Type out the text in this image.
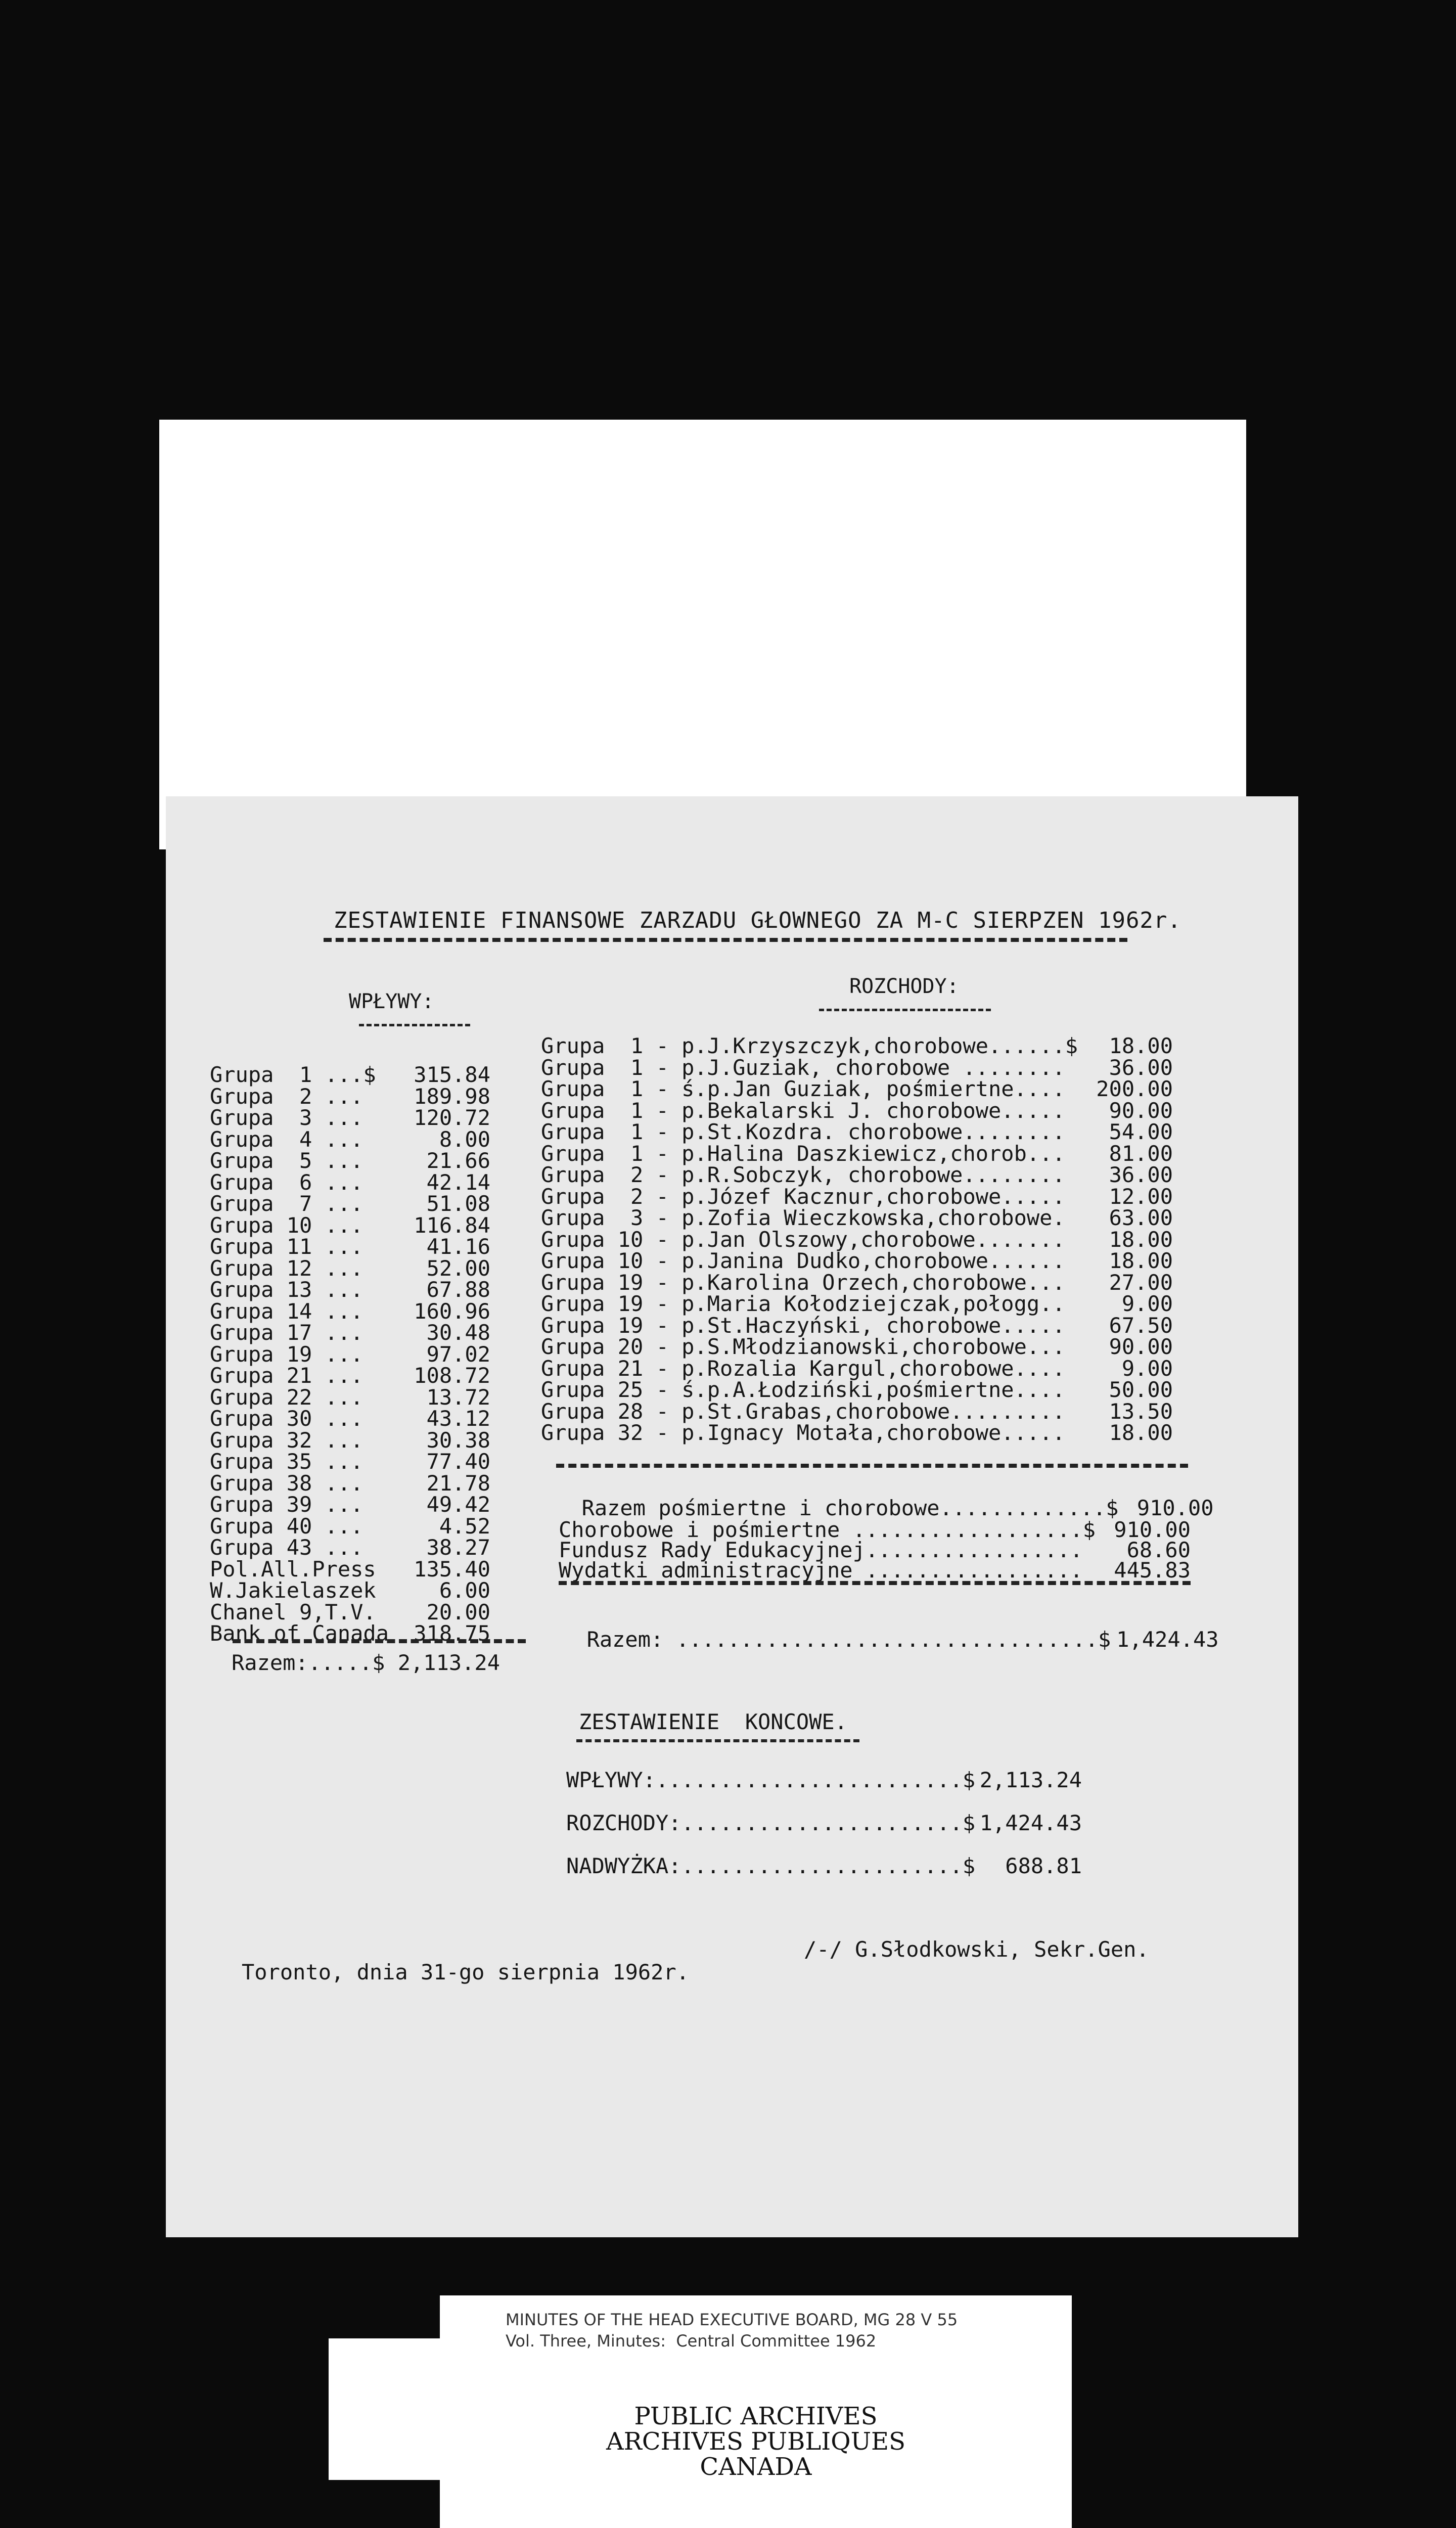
ZESTAWIENIE FINANSOWE ZARZADU GŁOWNEGO ZA M-C SIERPZEN 1962r.
WPŁYWY:
ROZCHODY:
Grupa  1 ...$ 315.84
Grupa  2 ... 189.98
Grupa  3 ... 120.72
Grupa  4 ...	8.00
Grupa  5 ...	21.66
Grupa  6 ...	42.14
Grupa  7 ...	51.08
Grupa 10 ... 116.84
Grupa 11 ...	41.16
Grupa 12 ...	52.00
Grupa 13 ...	67.88
Grupa 14 ... 160.96
Grupa 17 ...	30.48
Grupa 19 ...	97.02
Grupa 21 ... 108.72
Grupa 22 ...	13.72
Grupa 30 ...	43.12
Grupa 32 ...	30.38
Grupa 35 ...	77.40
Grupa 38 ...	21.78
Grupa 39 ...	49.42
Grupa 40 ...	4.52
Grupa 43 ...	38.27
Pol.All.Press 135.40
W.Jakielaszek	6.00
Chanel 9,T.V. 20.00
Bank of Canada 318.75
Razem:.....$ 2,113.24
Grupa  1 - p.J.Krzyszczyk,chorobowe......$ 18.00
Grupa  1 - p.J.Guziak, chorobowe ........ 36.00
Grupa  1 - ś.p.Jan Guziak, pośmiertne.... 200.00
Grupa  1 - p.Bekalarski J. chorobowe..... 90.00
Grupa  1 - p.St.Kozdra. chorobowe........ 54.00
Grupa  1 - p.Halina Daszkiewicz,chorob... 81.00
Grupa  2 - p.R.Sobczyk, chorobowe........ 36.00
Grupa  2 - p.Józef Kacznur,chorobowe..... 12.00
Grupa  3 - p.Zofia Wieczkowska,chorobowe. 63.00
Grupa 10 - p.Jan Olszowy,chorobowe....... 18.00
Grupa 10 - p.Janina Dudko,chorobowe...... 18.00
Grupa 19 - p.Karolina Orzech,chorobowe... 27.00
Grupa 19 - p.Maria Kołodziejczak,połogg..	9.00
Grupa 19 - p.St.Haczyński, chorobowe..... 67.50
Grupa 20 - p.S.Młodzianowski,chorobowe... 90.00
Grupa 21 - p.Rozalia Kargul,chorobowe....	9.00
Grupa 25 - ś.p.A.Łodziński,pośmiertne.... 50.00
Grupa 28 - p.St.Grabas,chorobowe......... 13.50
Grupa 32 - p.Ignacy Motała,chorobowe..... 18.00

Razem pośmiertne i chorobowe.............$ 910.00

Chorobowe i pośmiertne ..................$ 910.00
Fundusz Rady Edukacyjnej................. 68.60
Wydatki administracyjne ................. 445.83

Razem: .................................$ 1,424.43

ZESTAWIENIE  KONCOWE.
WPŁYWY:........................$ 2,113.24
ROZCHODY:......................$ 1,424.43
NADWYŻKA:......................$ 688.81
Toronto, dnia 31-go sierpnia 1962r.
/-/ G.Słodkowski, Sekr.Gen.
MINUTES OF THE HEAD EXECUTIVE BOARD, MG 28 V 55
Vol. Three, Minutes:  Central Committee 1962
PUBLIC ARCHIVES
ARCHIVES PUBLIQUES
CANADA
